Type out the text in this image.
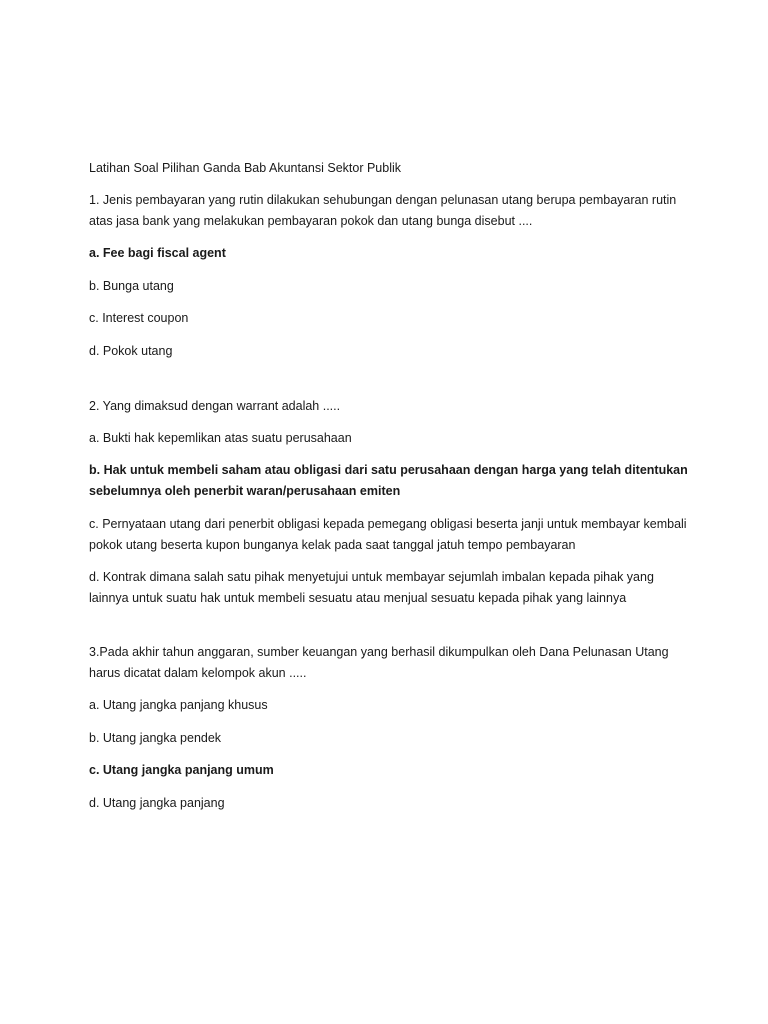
Latihan Soal Pilihan Ganda Bab Akuntansi Sektor Publik

1. Jenis pembayaran yang rutin dilakukan sehubungan dengan pelunasan utang berupa pembayaran rutin atas jasa bank yang melakukan pembayaran pokok dan utang bunga disebut ....

a. Fee bagi fiscal agent

b. Bunga utang

c. Interest coupon

d. Pokok utang

2. Yang dimaksud dengan warrant adalah .....

a. Bukti hak kepemlikan atas suatu perusahaan

b. Hak untuk membeli saham atau obligasi dari satu perusahaan dengan harga yang telah ditentukan sebelumnya oleh penerbit waran/perusahaan emiten

c. Pernyataan utang dari penerbit obligasi kepada pemegang obligasi beserta janji untuk membayar kembali pokok utang beserta kupon bunganya kelak pada saat tanggal jatuh tempo pembayaran

d. Kontrak dimana salah satu pihak menyetujui untuk membayar sejumlah imbalan kepada pihak yang lainnya untuk suatu hak untuk membeli sesuatu atau menjual sesuatu kepada pihak yang lainnya

3.Pada akhir tahun anggaran, sumber keuangan yang berhasil dikumpulkan oleh Dana Pelunasan Utang harus dicatat dalam kelompok akun .....

a. Utang jangka panjang khusus

b. Utang jangka pendek

c. Utang jangka panjang umum

d. Utang jangka panjang
